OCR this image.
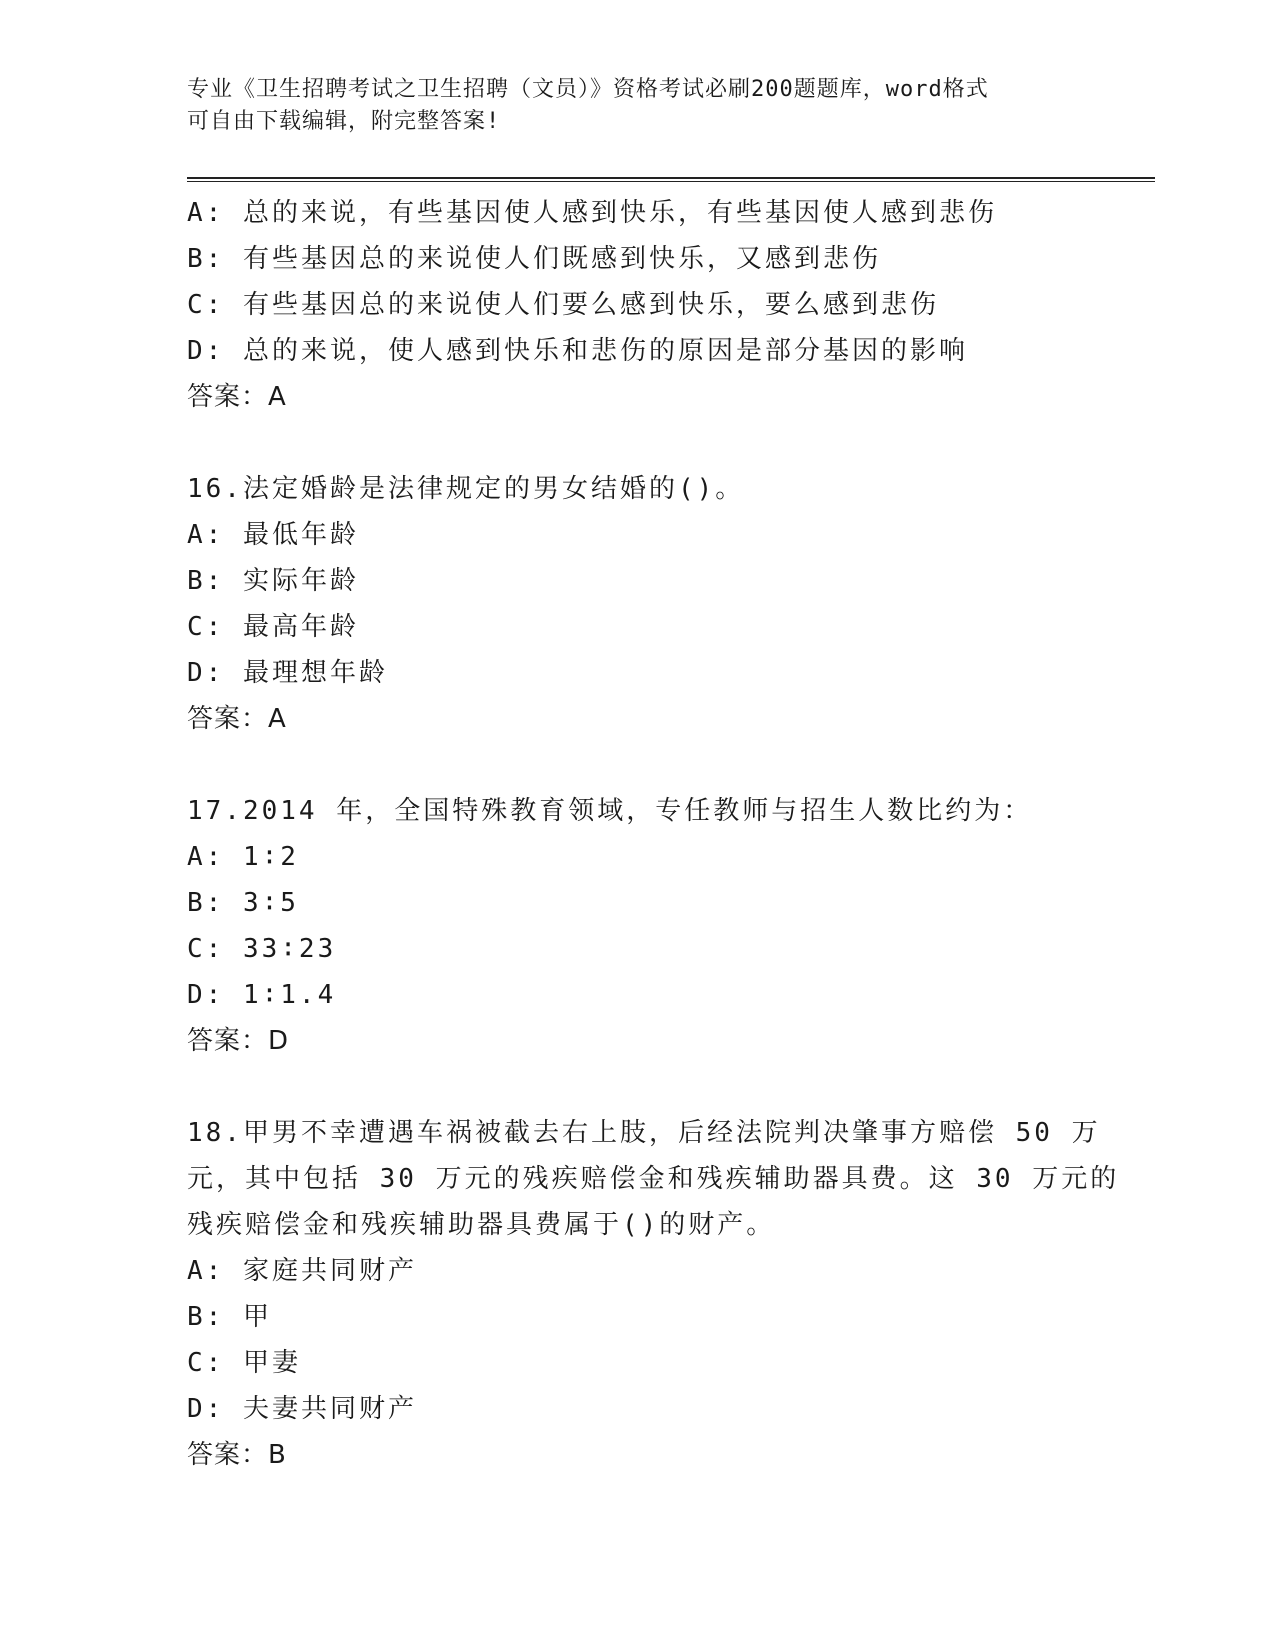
专业《卫生招聘考试之卫生招聘（文员）》资格考试必刷200题题库，word格式
可自由下载编辑，附完整答案!
A: 总的来说，有些基因使人感到快乐，有些基因使人感到悲伤
B: 有些基因总的来说使人们既感到快乐，又感到悲伤
C: 有些基因总的来说使人们要么感到快乐，要么感到悲伤
D: 总的来说，使人感到快乐和悲伤的原因是部分基因的影响
答案：A
16.法定婚龄是法律规定的男女结婚的()。
A: 最低年龄
B: 实际年龄
C: 最高年龄
D: 最理想年龄
答案：A
17.2014 年，全国特殊教育领域，专任教师与招生人数比约为：
A: 1∶2
B: 3∶5
C: 33∶23
D: 1∶1.4
答案：D
18.甲男不幸遭遇车祸被截去右上肢，后经法院判决肇事方赔偿 50 万
元，其中包括 30 万元的残疾赔偿金和残疾辅助器具费。这 30 万元的
残疾赔偿金和残疾辅助器具费属于()的财产。
A: 家庭共同财产
B: 甲
C: 甲妻
D: 夫妻共同财产
答案：B
